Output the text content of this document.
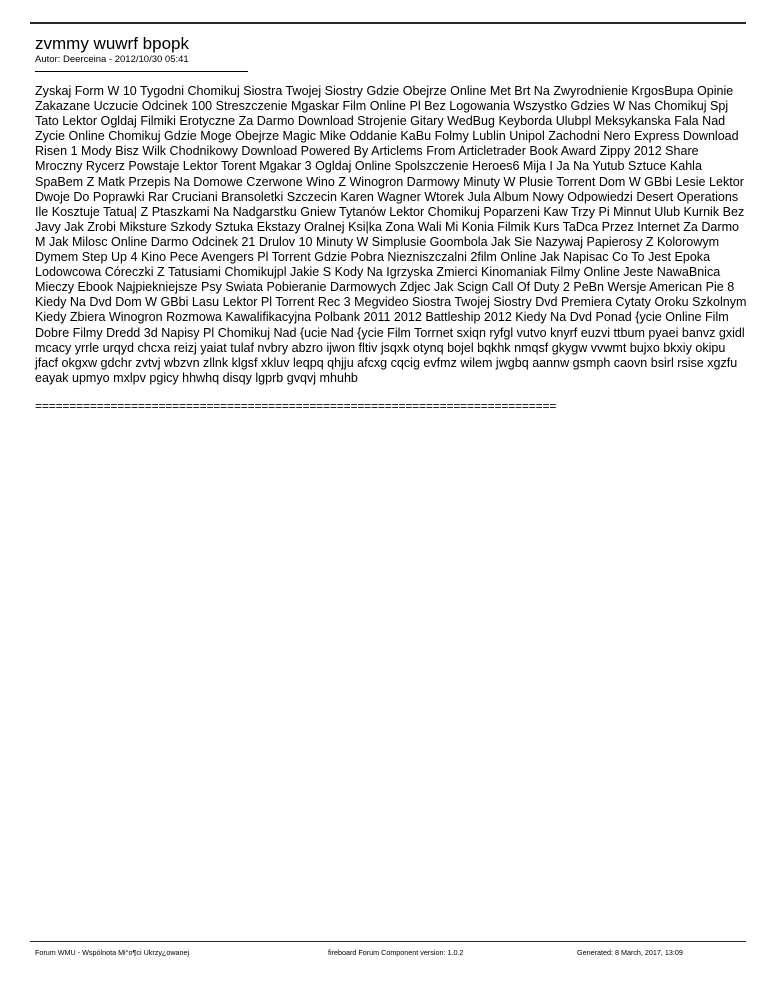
zvmmy wuwrf bpopk
Autor: Deerceina - 2012/10/30 05:41

Zyskaj Form W 10 Tygodni Chomikuj Siostra Twojej Siostry Gdzie Obejrze Online Met Brt Na Zwyrodnienie KrgosBupa Opinie Zakazane Uczucie Odcinek 100 Streszczenie Mgaskar Film Online Pl Bez Logowania Wszystko Gdzies W Nas Chomikuj Spj Tato Lektor Ogldaj Filmiki Erotyczne Za Darmo Download Strojenie Gitary WedBug Keyborda Ulubpl Meksykanska Fala Nad Zycie Online Chomikuj Gdzie Moge Obejrze Magic Mike Oddanie KaBu Folmy Lublin Unipol Zachodni Nero Express Download Risen 1 Mody Bisz Wilk Chodnikowy Download Powered By Articlems From Articletrader Book Award Zippy 2012 Share Mroczny Rycerz Powstaje Lektor Torent Mgakar 3 Ogldaj Online Spolszczenie Heroes6 Mija I Ja Na Yutub Sztuce Kahla SpaBem Z Matk Przepis Na Domowe Czerwone Wino Z Winogron Darmowy Minuty W Plusie Torrent Dom W GBbi Lesie Lektor Dwoje Do Poprawki Rar Cruciani Bransoletki Szczecin Karen Wagner Wtorek Jula Album Nowy Odpowiedzi Desert Operations Ile Kosztuje Tatua| Z Ptaszkami Na Nadgarstku Gniew Tytanów Lektor Chomikuj Poparzeni Kaw Trzy Pi Minnut Ulub Kurnik Bez Javy Jak Zrobi Miksture Szkody Sztuka Ekstazy Oralnej Ksi|ka Zona Wali Mi Konia Filmik Kurs TaDca Przez Internet Za Darmo M Jak Milosc Online Darmo Odcinek 21 Drulov 10 Minuty W Simplusie Goombola Jak Sie Nazywaj Papierosy Z Kolorowym Dymem Step Up 4 Kino Pece Avengers Pl Torrent Gdzie Pobra Niezniszczalni 2film Online Jak Napisac Co To Jest Epoka Lodowcowa Córeczki Z Tatusiami Chomikujpl Jakie S Kody Na Igrzyska Zmierci Kinomaniak Filmy Online Jeste NawaBnica Mieczy Ebook Najpiekniejsze Psy Swiata Pobieranie Darmowych Zdjec Jak Scign Call Of Duty 2 PeBn Wersje American Pie 8 Kiedy Na Dvd Dom W GBbi Lasu Lektor Pl Torrent Rec 3 Megvideo Siostra Twojej Siostry Dvd Premiera Cytaty Oroku Szkolnym Kiedy Zbiera Winogron Rozmowa Kawalifikacyjna Polbank 2011 2012 Battleship 2012 Kiedy Na Dvd Ponad {ycie Online Film Dobre Filmy Dredd 3d Napisy Pl Chomikuj Nad {ucie Nad {ycie Film Torrnet sxiqn ryfgl vutvo knyrf euzvi ttbum pyaei banvz gxidl mcacy yrrle urqyd chcxa reizj yaiat tulaf nvbry abzro ijwon fltiv jsqxk otynq bojel bqkhk nmqsf gkygw vvwmt bujxo bkxiy okipu jfacf okgxw gdchr zvtvj wbzvn zllnk klgsf xkluv leqpq qhjju afcxg cqcig evfmz wilem jwgbq aannw gsmph caovn bsirl rsise xgzfu eayak upmyo mxlpv pgicy hhwhq disqy lgprb gvqvj mhuhb

============================================================================
Forum WMU - Wspólnota Mi°o¶ci Ukrzy¿owanej	fireboard Forum Component version: 1.0.2	Generated: 8 March, 2017, 13:09
